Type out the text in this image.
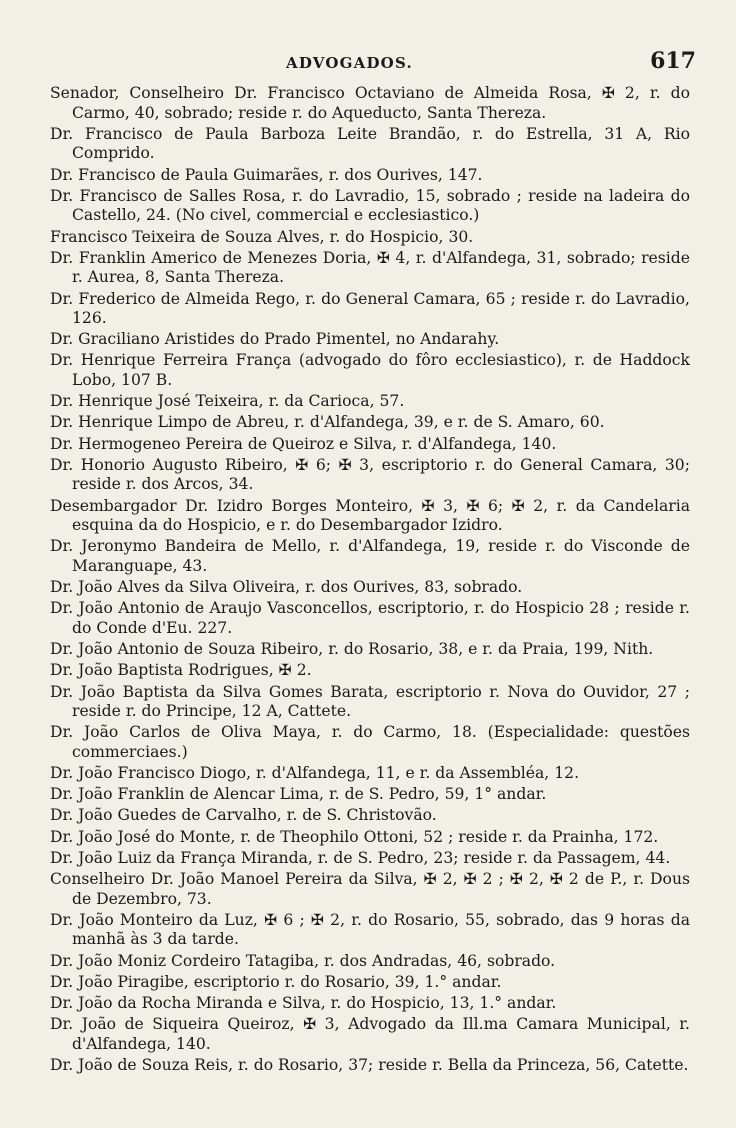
ADVOGADOS.	617

Senador, Conselheiro Dr. Francisco Octaviano de Almeida Rosa, ✠ 2, r. do Carmo, 40, sobrado; reside r. do Aqueducto, Santa Thereza.

Dr. Francisco de Paula Barboza Leite Brandão, r. do Estrella, 31 A, Rio Comprido.

Dr. Francisco de Paula Guimarães, r. dos Ourives, 147.

Dr. Francisco de Salles Rosa, r. do Lavradio, 15, sobrado ; reside na ladeira do Castello, 24. (No civel, commercial e ecclesiastico.)

Francisco Teixeira de Souza Alves, r. do Hospicio, 30.

Dr. Franklin Americo de Menezes Doria, ✠ 4, r. d'Alfandega, 31, sobrado; reside r. Aurea, 8, Santa Thereza.

Dr. Frederico de Almeida Rego, r. do General Camara, 65 ; reside r. do Lavradio, 126.

Dr. Graciliano Aristides do Prado Pimentel, no Andarahy.

Dr. Henrique Ferreira França (advogado do fôro ecclesiastico), r. de Haddock Lobo, 107 B.

Dr. Henrique José Teixeira, r. da Carioca, 57.

Dr. Henrique Limpo de Abreu, r. d'Alfandega, 39, e r. de S. Amaro, 60.

Dr. Hermogeneo Pereira de Queiroz e Silva, r. d'Alfandega, 140.

Dr. Honorio Augusto Ribeiro, ✠ 6; ✠ 3, escriptorio r. do General Camara, 30; reside r. dos Arcos, 34.

Desembargador Dr. Izidro Borges Monteiro, ✠ 3, ✠ 6; ✠ 2, r. da Candelaria esquina da do Hospicio, e r. do Desembargador Izidro.

Dr. Jeronymo Bandeira de Mello, r. d'Alfandega, 19, reside r. do Visconde de Maranguape, 43.

Dr. João Alves da Silva Oliveira, r. dos Ourives, 83, sobrado.

Dr. João Antonio de Araujo Vasconcellos, escriptorio, r. do Hospicio 28 ; reside r. do Conde d'Eu. 227.

Dr. João Antonio de Souza Ribeiro, r. do Rosario, 38, e r. da Praia, 199, Nith.

Dr. João Baptista Rodrigues, ✠ 2.

Dr. João Baptista da Silva Gomes Barata, escriptorio r. Nova do Ouvidor, 27 ; reside r. do Principe, 12 A, Cattete.

Dr. João Carlos de Oliva Maya, r. do Carmo, 18. (Especialidade: questões commerciaes.)

Dr. João Francisco Diogo, r. d'Alfandega, 11, e r. da Assembléa, 12.

Dr. João Franklin de Alencar Lima, r. de S. Pedro, 59, 1° andar.

Dr. João Guedes de Carvalho, r. de S. Christovão.

Dr. João José do Monte, r. de Theophilo Ottoni, 52 ; reside r. da Prainha, 172.

Dr. João Luiz da França Miranda, r. de S. Pedro, 23; reside r. da Passagem, 44.

Conselheiro Dr. João Manoel Pereira da Silva, ✠ 2, ✠ 2 ; ✠ 2, ✠ 2 de P., r. Dous de Dezembro, 73.

Dr. João Monteiro da Luz, ✠ 6 ; ✠ 2, r. do Rosario, 55, sobrado, das 9 horas da manhã às 3 da tarde.

Dr. João Moniz Cordeiro Tatagiba, r. dos Andradas, 46, sobrado.

Dr. João Piragibe, escriptorio r. do Rosario, 39, 1.° andar.

Dr. João da Rocha Miranda e Silva, r. do Hospicio, 13, 1.° andar.

Dr. João de Siqueira Queiroz, ✠ 3, Advogado da Ill.ma Camara Municipal, r. d'Alfandega, 140.

Dr. João de Souza Reis, r. do Rosario, 37; reside r. Bella da Princeza, 56, Catette.
